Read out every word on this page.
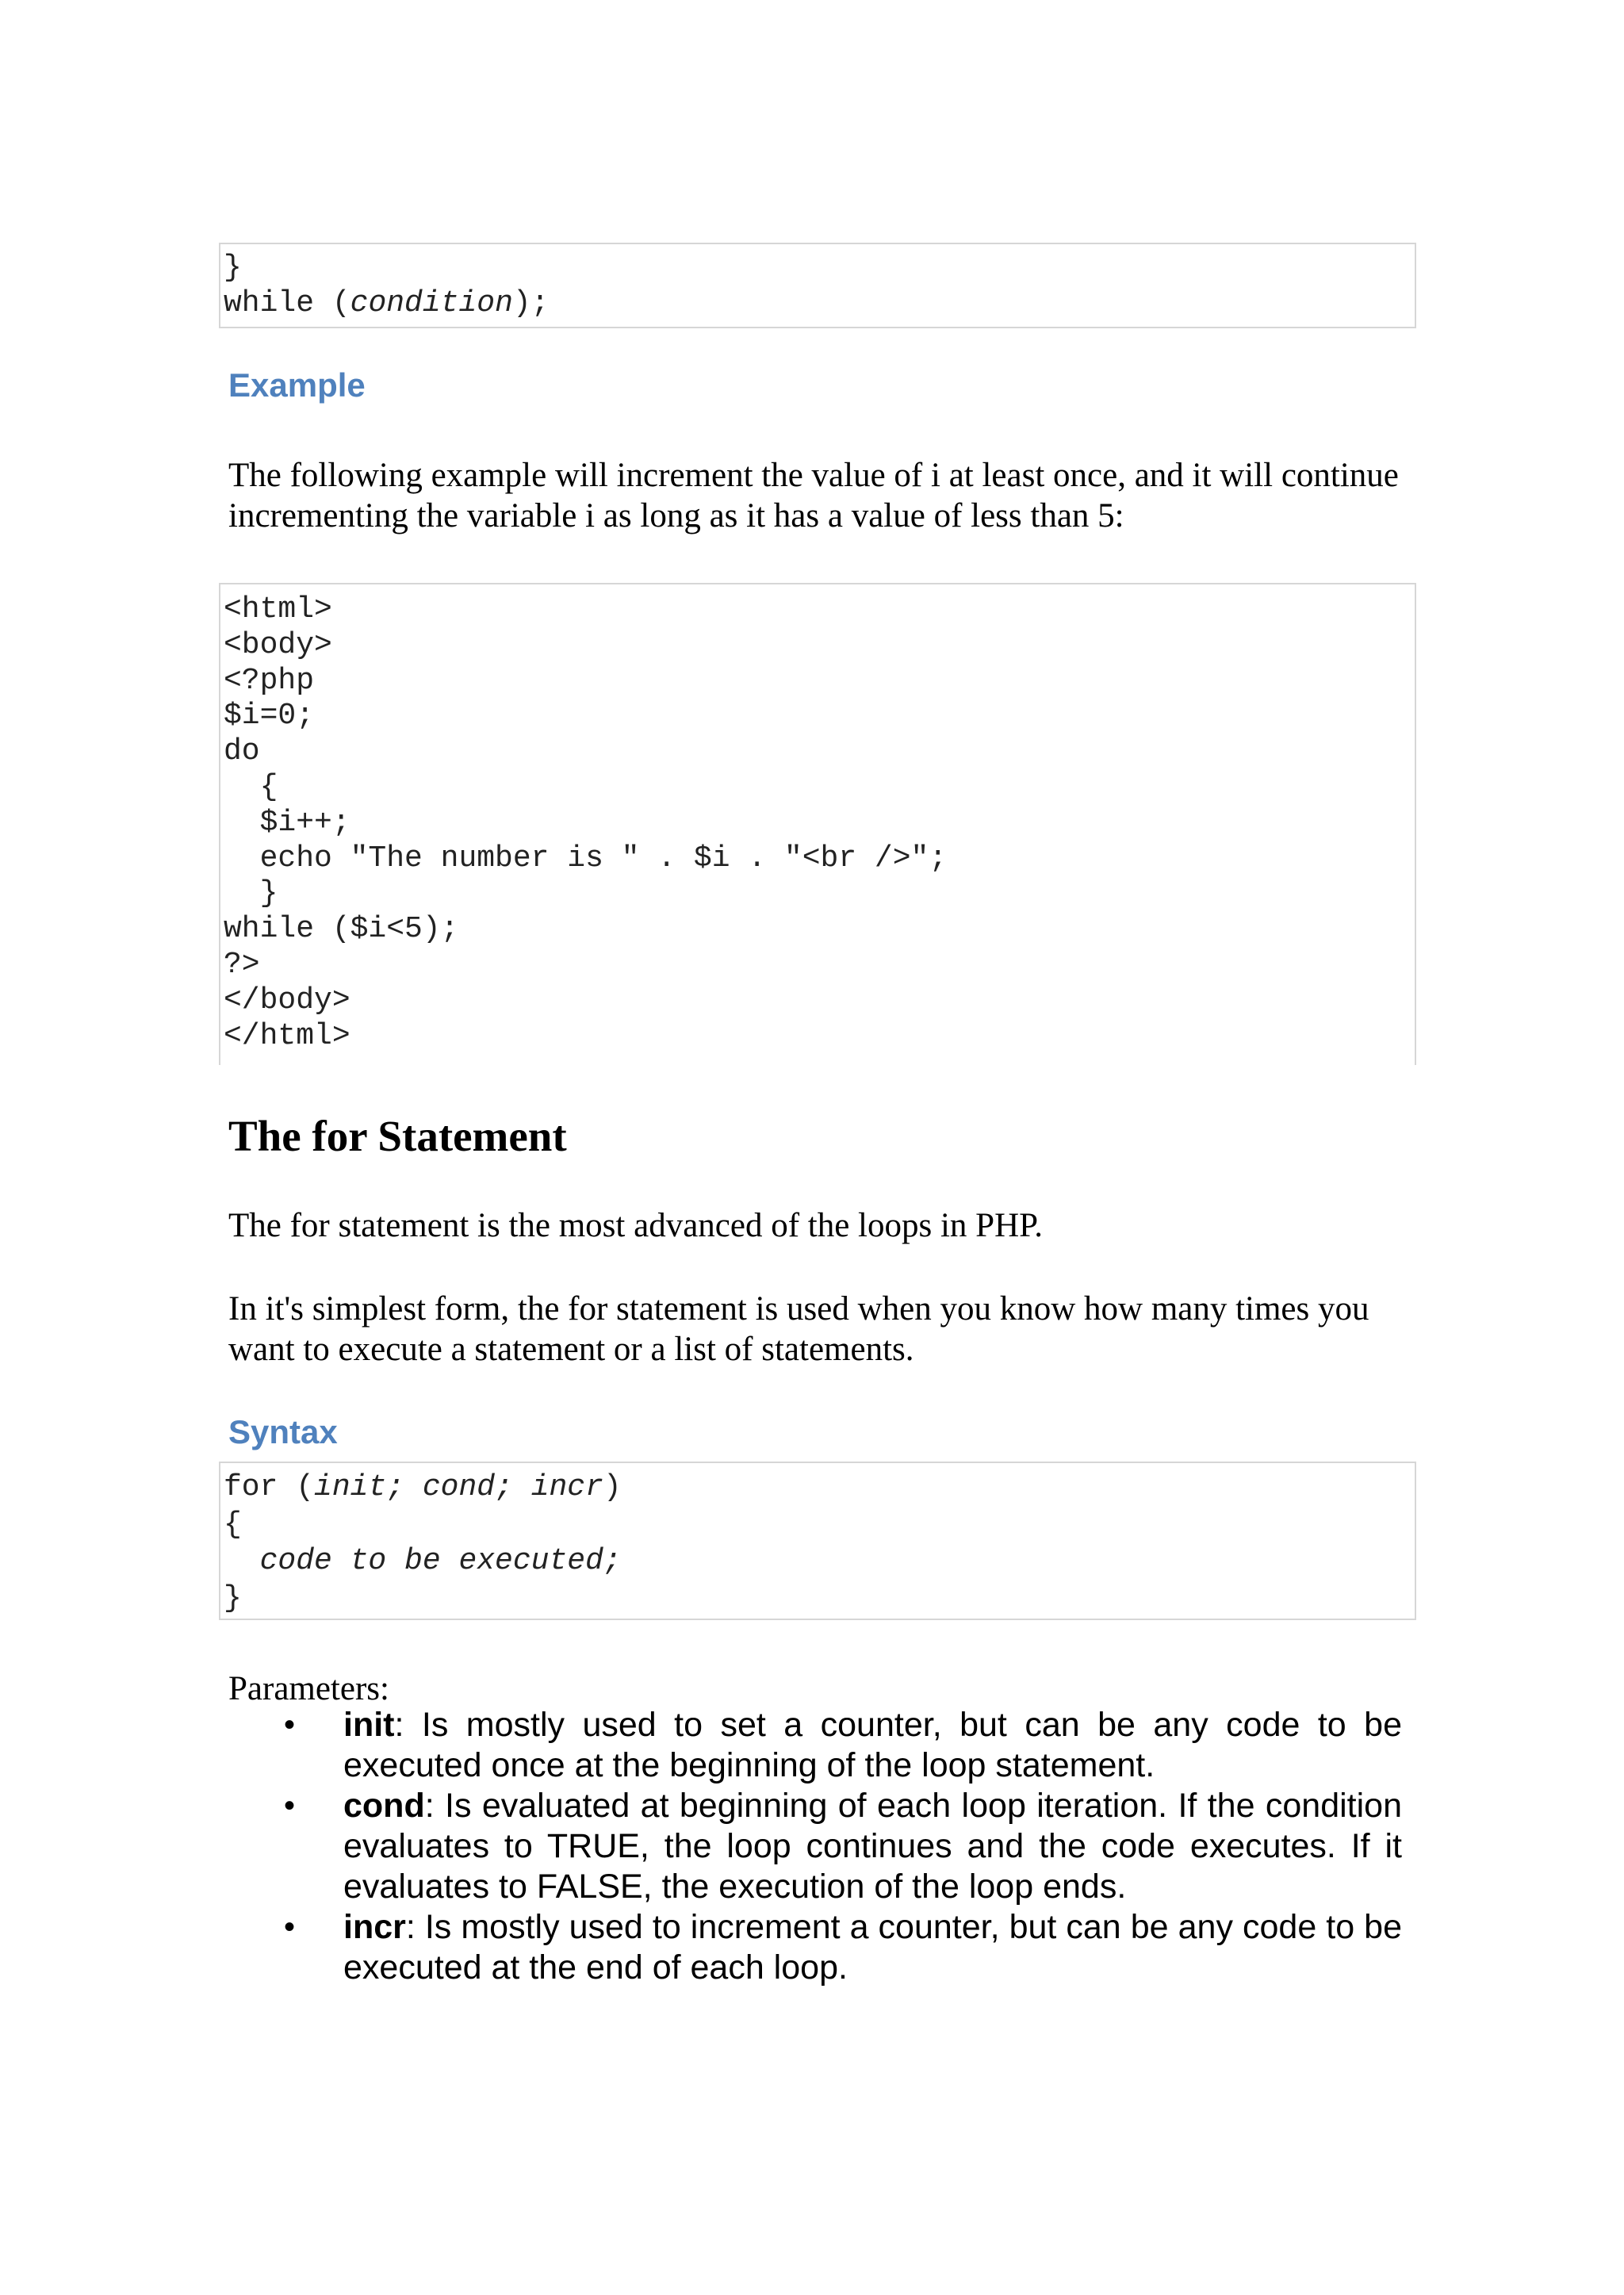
}
while (condition);
Example

The following example will increment the value of i at least once, and it will continue incrementing the variable i as long as it has a value of less than 5:

<html>
<body>
<?php
$i=0;
do
{
$i++;
echo "The number is " . $i . "<br />";
}
while ($i<5);
?>
</body>
</html>
The for Statement

The for statement is the most advanced of the loops in PHP.

In it's simplest form, the for statement is used when you know how many times you want to execute a statement or a list of statements.

Syntax
for (init; cond; incr)
{
code to be executed;
}

Parameters:

• init: Is mostly used to set a counter, but can be any code to be executed once at the beginning of the loop statement.
• cond: Is evaluated at beginning of each loop iteration. If the condition evaluates to TRUE, the loop continues and the code executes. If it evaluates to FALSE, the execution of the loop ends.
• incr: Is mostly used to increment a counter, but can be any code to be executed at the end of each loop.
